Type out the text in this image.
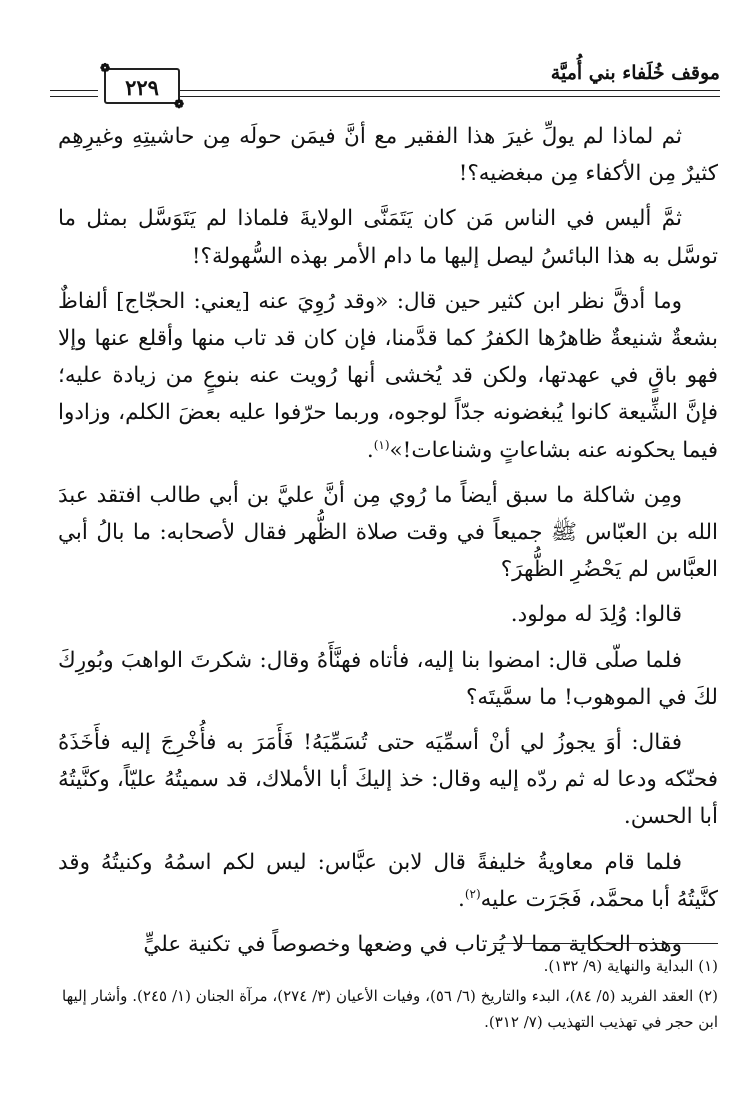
موقف خُلَفاء بني أُميَّة
❁
❁
٢٢٩

ثم لماذا لم يولِّ غيرَ هذا الفقير مع أنَّ فيمَن حولَه مِن حاشيتِهِ وغيرِهِم كثيرٌ مِن الأكفاء مِن مبغضيه؟!

ثمَّ أليس في الناس مَن كان يَتَمَنَّى الولايةَ فلماذا لم يَتَوَسَّل بمثل ما توسَّل به هذا البائسُ ليصل إليها ما دام الأمر بهذه السُّهولة؟!

وما أدقَّ نظر ابن كثير حين قال: «وقد رُوِيَ عنه [يعني: الحجّاج] ألفاظٌ بشعةٌ شنيعةٌ ظاهرُها الكفرُ كما قدَّمنا، فإن كان قد تاب منها وأقلع عنها وإلا فهو باقٍ في عهدتها، ولكن قد يُخشى أنها رُويت عنه بنوعٍ من زيادة عليه؛ فإنَّ الشِّيعة كانوا يُبغضونه جدّاً لوجوه، وربما حرّفوا عليه بعضَ الكلم، وزادوا فيما يحكونه عنه بشاعاتٍ وشناعات!»$^{(١)}$.

ومِن شاكلة ما سبق أيضاً ما رُوي مِن أنَّ عليَّ بن أبي طالب افتقد عبدَ الله بن العبّاس ﷺ جميعاً في وقت صلاة الظُّهر فقال لأصحابه: ما بالُ أبي العبَّاس لم يَحْضُرِ الظُّهرَ؟

قالوا: وُلِدَ له مولود.

فلما صلّى قال: امضوا بنا إليه، فأتاه فهنَّأَهُ وقال: شكرتَ الواهبَ وبُورِكَ لكَ في الموهوب! ما سمَّيتَه؟

فقال: أوَ يجوزُ لي أنْ أسمِّيَه حتى تُسَمِّيَهُ! فَأَمَرَ به فأُخْرِجَ إليه فأَخَذَهُ فحنّكه ودعا له ثم ردّه إليه وقال: خذ إليكَ أبا الأملاك، قد سميتُهُ عليّاً، وكنَّيتُهُ أبا الحسن.

فلما قام معاويةُ خليفةً قال لابن عبَّاس: ليس لكم اسمُهُ وكنيتُهُ وقد كنَّيتُهُ أبا محمَّد، فَجَرَت عليه$^{(٢)}$.

وهذه الحكاية مما لا يُرتاب في وضعها وخصوصاً في تكنية عليٍّ

(١) البداية والنهاية (٩/ ١٣٢).

(٢) العقد الفريد (٥/ ٨٤)، البدء والتاريخ (٦/ ٥٦)، وفيات الأعيان (٣/ ٢٧٤)، مرآة الجنان (١/ ٢٤٥). وأشار إليها ابن حجر في تهذيب التهذيب (٧/ ٣١٢).
